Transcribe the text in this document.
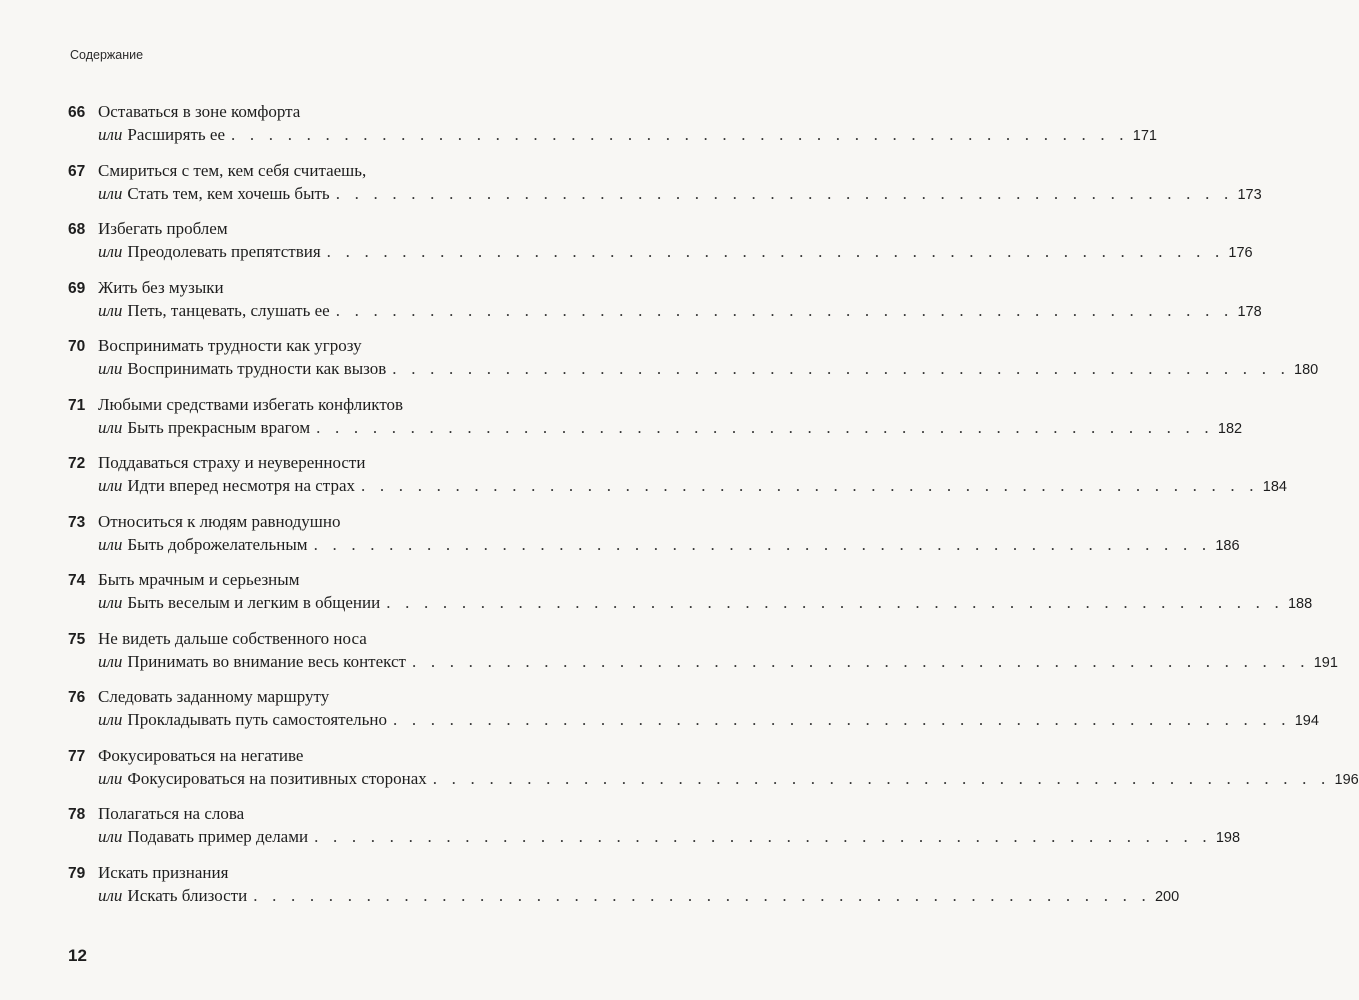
Содержание
66 Оставаться в зоне комфорта
или Расширять ее . . . . . . . . . . . . . . . . . . . . . . . . . . . . . . . . . . . . . . . . . . . . . . . . 171
67 Смириться с тем, кем себя считаешь,
или Стать тем, кем хочешь быть . . . . . . . . . . . . . . . . . . . . . . . . . . . . . . . . . . . . . . . . . . . . . . . . 173
68 Избегать проблем
или Преодолевать препятствия . . . . . . . . . . . . . . . . . . . . . . . . . . . . . . . . . . . . . . . . . . . . . . . . 176
69 Жить без музыки
или Петь, танцевать, слушать ее . . . . . . . . . . . . . . . . . . . . . . . . . . . . . . . . . . . . . . . . . . . . . . . . 178
70 Воспринимать трудности как угрозу
или Воспринимать трудности как вызов . . . . . . . . . . . . . . . . . . . . . . . . . . . . . . . . . . . . . . . . . . . . . . . . 180
71 Любыми средствами избегать конфликтов
или Быть прекрасным врагом . . . . . . . . . . . . . . . . . . . . . . . . . . . . . . . . . . . . . . . . . . . . . . . . 182
72 Поддаваться страху и неуверенности
или Идти вперед несмотря на страх . . . . . . . . . . . . . . . . . . . . . . . . . . . . . . . . . . . . . . . . . . . . . . . . 184
73 Относиться к людям равнодушно
или Быть доброжелательным . . . . . . . . . . . . . . . . . . . . . . . . . . . . . . . . . . . . . . . . . . . . . . . . 186
74 Быть мрачным и серьезным
или Быть веселым и легким в общении . . . . . . . . . . . . . . . . . . . . . . . . . . . . . . . . . . . . . . . . . . . . . . . . 188
75 Не видеть дальше собственного носа
или Принимать во внимание весь контекст . . . . . . . . . . . . . . . . . . . . . . . . . . . . . . . . . . . . . . . . . . . . . . . . 191
76 Следовать заданному маршруту
или Прокладывать путь самостоятельно . . . . . . . . . . . . . . . . . . . . . . . . . . . . . . . . . . . . . . . . . . . . . . . . 194
77 Фокусироваться на негативе
или Фокусироваться на позитивных сторонах . . . . . . . . . . . . . . . . . . . . . . . . . . . . . . . . . . . . . . . . . . . . . . . . 196
78 Полагаться на слова
или Подавать пример делами . . . . . . . . . . . . . . . . . . . . . . . . . . . . . . . . . . . . . . . . . . . . . . . . 198
79 Искать признания
или Искать близости . . . . . . . . . . . . . . . . . . . . . . . . . . . . . . . . . . . . . . . . . . . . . . . . 200
12
